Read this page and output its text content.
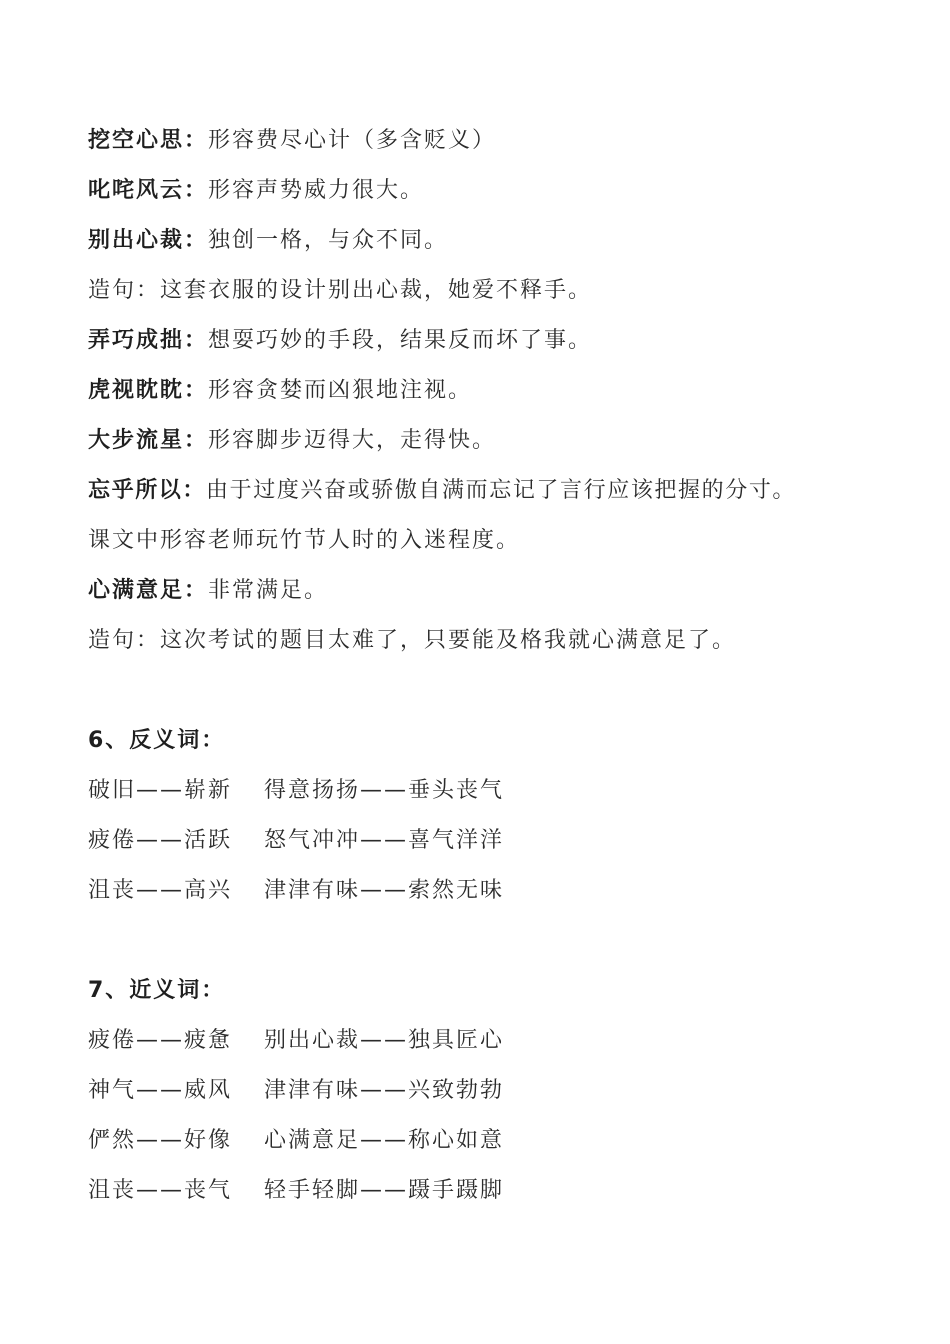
挖空心思：形容费尽心计（多含贬义）
叱咤风云：形容声势威力很大。
别出心裁：独创一格，与众不同。
造句：这套衣服的设计别出心裁，她爱不释手。
弄巧成拙：想耍巧妙的手段，结果反而坏了事。
虎视眈眈：形容贪婪而凶狠地注视。
大步流星：形容脚步迈得大，走得快。
忘乎所以：由于过度兴奋或骄傲自满而忘记了言行应该把握的分寸。
课文中形容老师玩竹节人时的入迷程度。
心满意足：非常满足。
造句：这次考试的题目太难了，只要能及格我就心满意足了。
6、反义词：
破旧——崭新 得意扬扬——垂头丧气
疲倦——活跃 怒气冲冲——喜气洋洋
沮丧——高兴 津津有味——索然无味
7、近义词：
疲倦——疲惫 别出心裁——独具匠心
神气——威风 津津有味——兴致勃勃
俨然——好像 心满意足——称心如意
沮丧——丧气 轻手轻脚——蹑手蹑脚
